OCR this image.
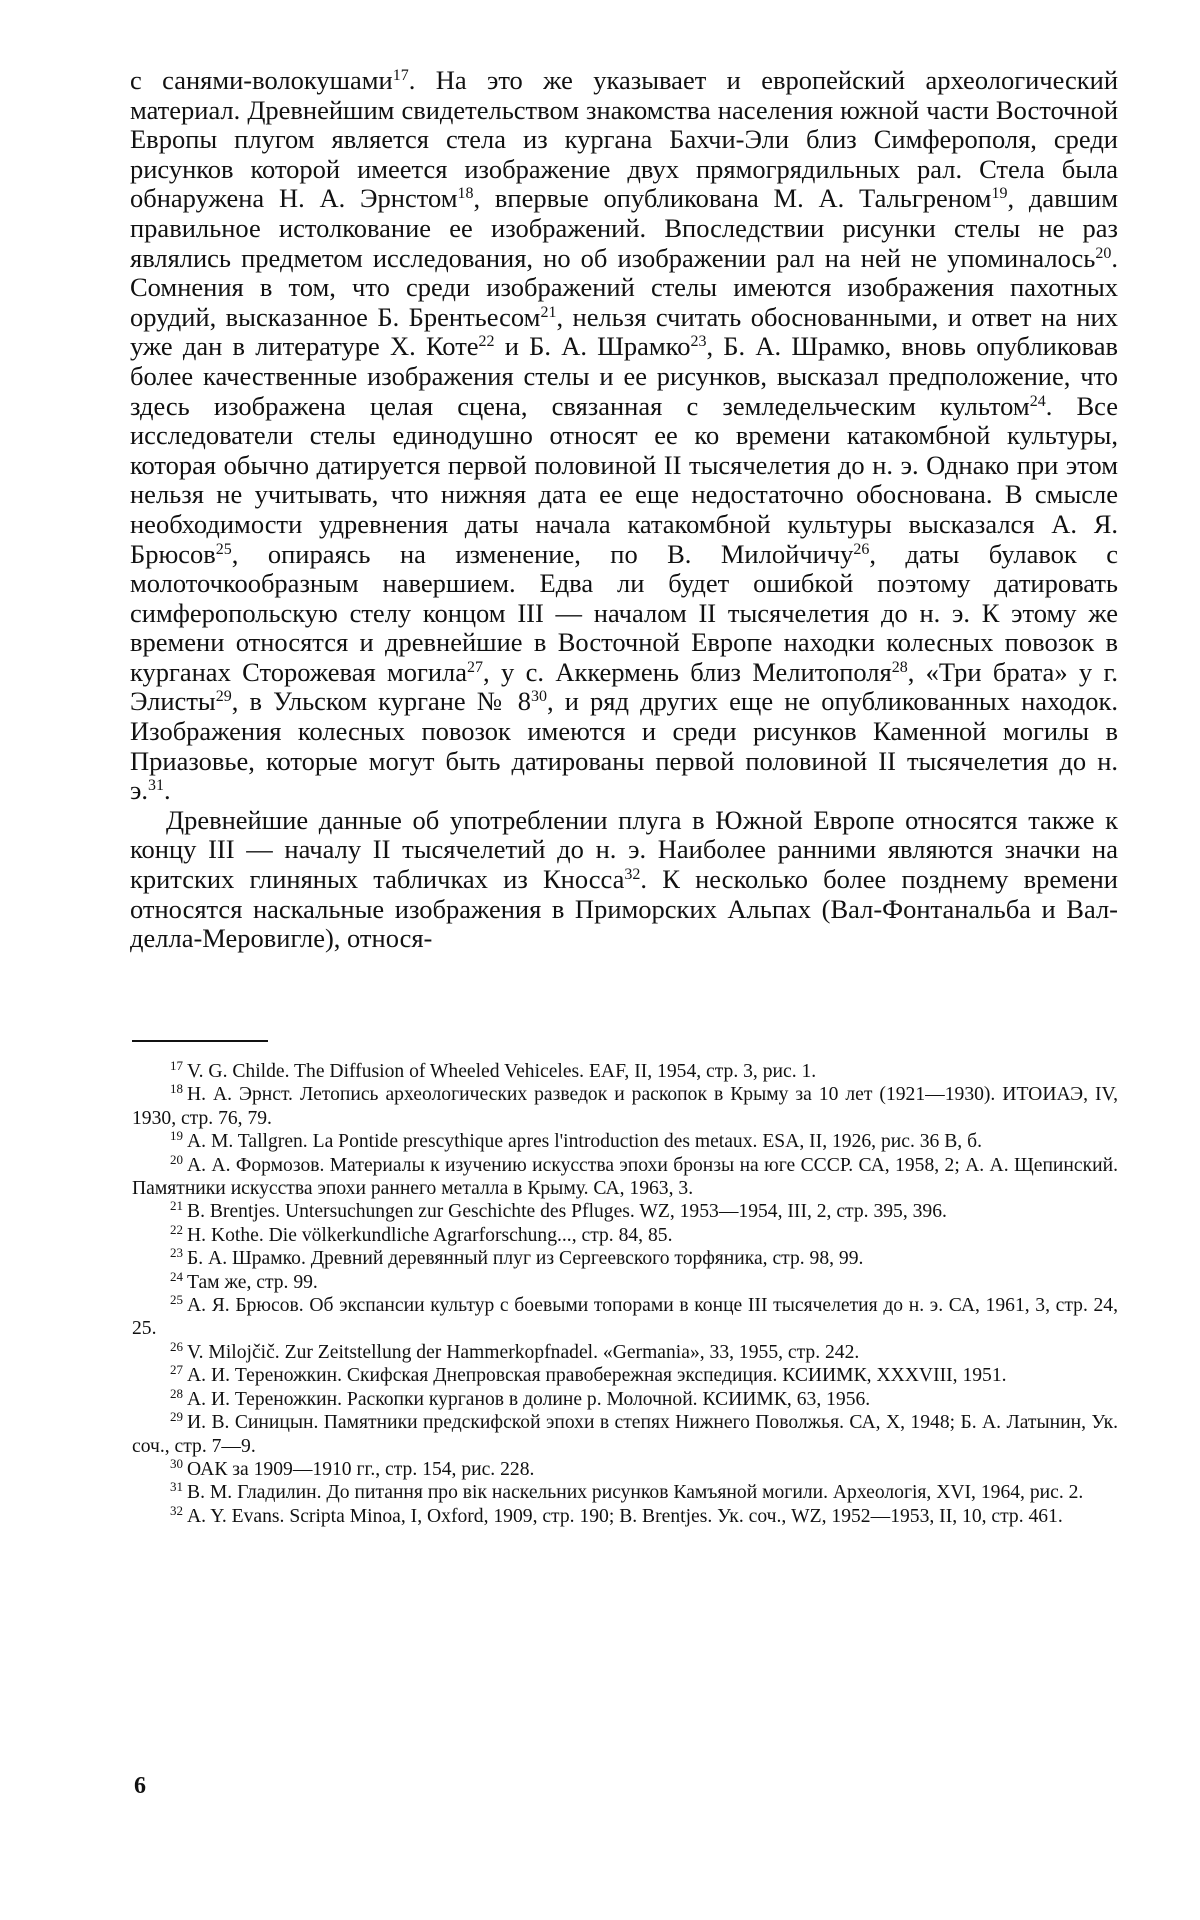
с санями-волокушами$^{17}$. На это же указывает и европейский археологический материал. Древнейшим свидетельством знакомства населения южной части Восточной Европы плугом является стела из кургана Бахчи-Эли близ Симферополя, среди рисунков которой имеется изображение двух прямогрядильных рал. Стела была обнаружена Н. А. Эрнстом$^{18}$, впервые опубликована М. А. Тальгреном$^{19}$, давшим правильное истолкование ее изображений. Впоследствии рисунки стелы не раз являлись предметом исследования, но об изображении рал на ней не упоминалось$^{20}$. Сомнения в том, что среди изображений стелы имеются изображения пахотных орудий, высказанное Б. Брентьесом$^{21}$, нельзя считать обоснованными, и ответ на них уже дан в литературе Х. Коте$^{22}$ и Б. А. Шрамко$^{23}$, Б. А. Шрамко, вновь опубликовав более качественные изображения стелы и ее рисунков, высказал предположение, что здесь изображена целая сцена, связанная с земледельческим культом$^{24}$. Все исследователи стелы единодушно относят ее ко времени катакомбной культуры, которая обычно датируется первой половиной II тысячелетия до н. э. Однако при этом нельзя не учитывать, что нижняя дата ее еще недостаточно обоснована. В смысле необходимости удревнения даты начала катакомбной культуры высказался А. Я. Брюсов$^{25}$, опираясь на изменение, по В. Милойчичу$^{26}$, даты булавок с молоточкообразным навершием. Едва ли будет ошибкой поэтому датировать симферопольскую стелу концом III — началом II тысячелетия до н. э. К этому же времени относятся и древнейшие в Восточной Европе находки колесных повозок в курганах Сторожевая могила$^{27}$, у с. Аккермень близ Мелитополя$^{28}$, «Три брата» у г. Элисты$^{29}$, в Ульском кургане № $8^{30}$, и ряд других еще не опубликованных находок. Изображения колесных повозок имеются и среди рисунков Каменной могилы в Приазовье, которые могут быть датированы первой половиной II тысячелетия до н. э.$^{31}$.

Древнейшие данные об употреблении плуга в Южной Европе относятся также к концу III — началу II тысячелетий до н. э. Наиболее ранними являются значки на критских глиняных табличках из Кносса$^{32}$. К несколько более позднему времени относятся наскальные изображения в Приморских Альпах (Вал-Фонтанальба и Вал-делла-Меровигле), относя-

$^{17}$ V. G. Childe. The Diffusion of Wheeled Vehiceles. EAF, II, 1954, стр. 3, рис. 1.

$^{18}$ Н. А. Эрнст. Летопись археологических разведок и раскопок в Крыму за 10 лет (1921—1930). ИТОИАЭ, IV, 1930, стр. 76, 79.

$^{19}$ A. M. Tallgren. La Pontide prescythique apres l'introduction des metaux. ESA, II, 1926, рис. 36 B, б.

$^{20}$ А. А. Формозов. Материалы к изучению искусства эпохи бронзы на юге СССР. СА, 1958, 2; А. А. Щепинский. Памятники искусства эпохи раннего металла в Крыму. СА, 1963, 3.

$^{21}$ B. Brentjes. Untersuchungen zur Geschichte des Pfluges. WZ, 1953—1954, III, 2, стр. 395, 396.

$^{22}$ H. Kothe. Die völkerkundliche Agrarforschung..., стр. 84, 85.

$^{23}$ Б. А. Шрамко. Древний деревянный плуг из Сергеевского торфяника, стр. 98, 99.

$^{24}$ Там же, стр. 99.

$^{25}$ А. Я. Брюсов. Об экспансии культур с боевыми топорами в конце III тысячелетия до н. э. СА, 1961, 3, стр. 24, 25.

$^{26}$ V. Milojčič. Zur Zeitstellung der Hammerkopfnadel. «Germania», 33, 1955, стр. 242.

$^{27}$ А. И. Тереножкин. Скифская Днепровская правобережная экспедиция. КСИИМК, XXXVIII, 1951.

$^{28}$ А. И. Тереножкин. Раскопки курганов в долине р. Молочной. КСИИМК, 63, 1956.

$^{29}$ И. В. Синицын. Памятники предскифской эпохи в степях Нижнего Поволжья. СА, Х, 1948; Б. А. Латынин, Ук. соч., стр. 7—9.

$^{30}$ ОАК за 1909—1910 гг., стр. 154, рис. 228.

$^{31}$ В. М. Гладилин. До питання про вік наскельних рисунков Камъяной могили. Археологія, XVI, 1964, рис. 2.

$^{32}$ A. Y. Evans. Scripta Minoa, I, Oxford, 1909, стр. 190; B. Brentjes. Ук. соч., WZ, 1952—1953, II, 10, стр. 461.

6
